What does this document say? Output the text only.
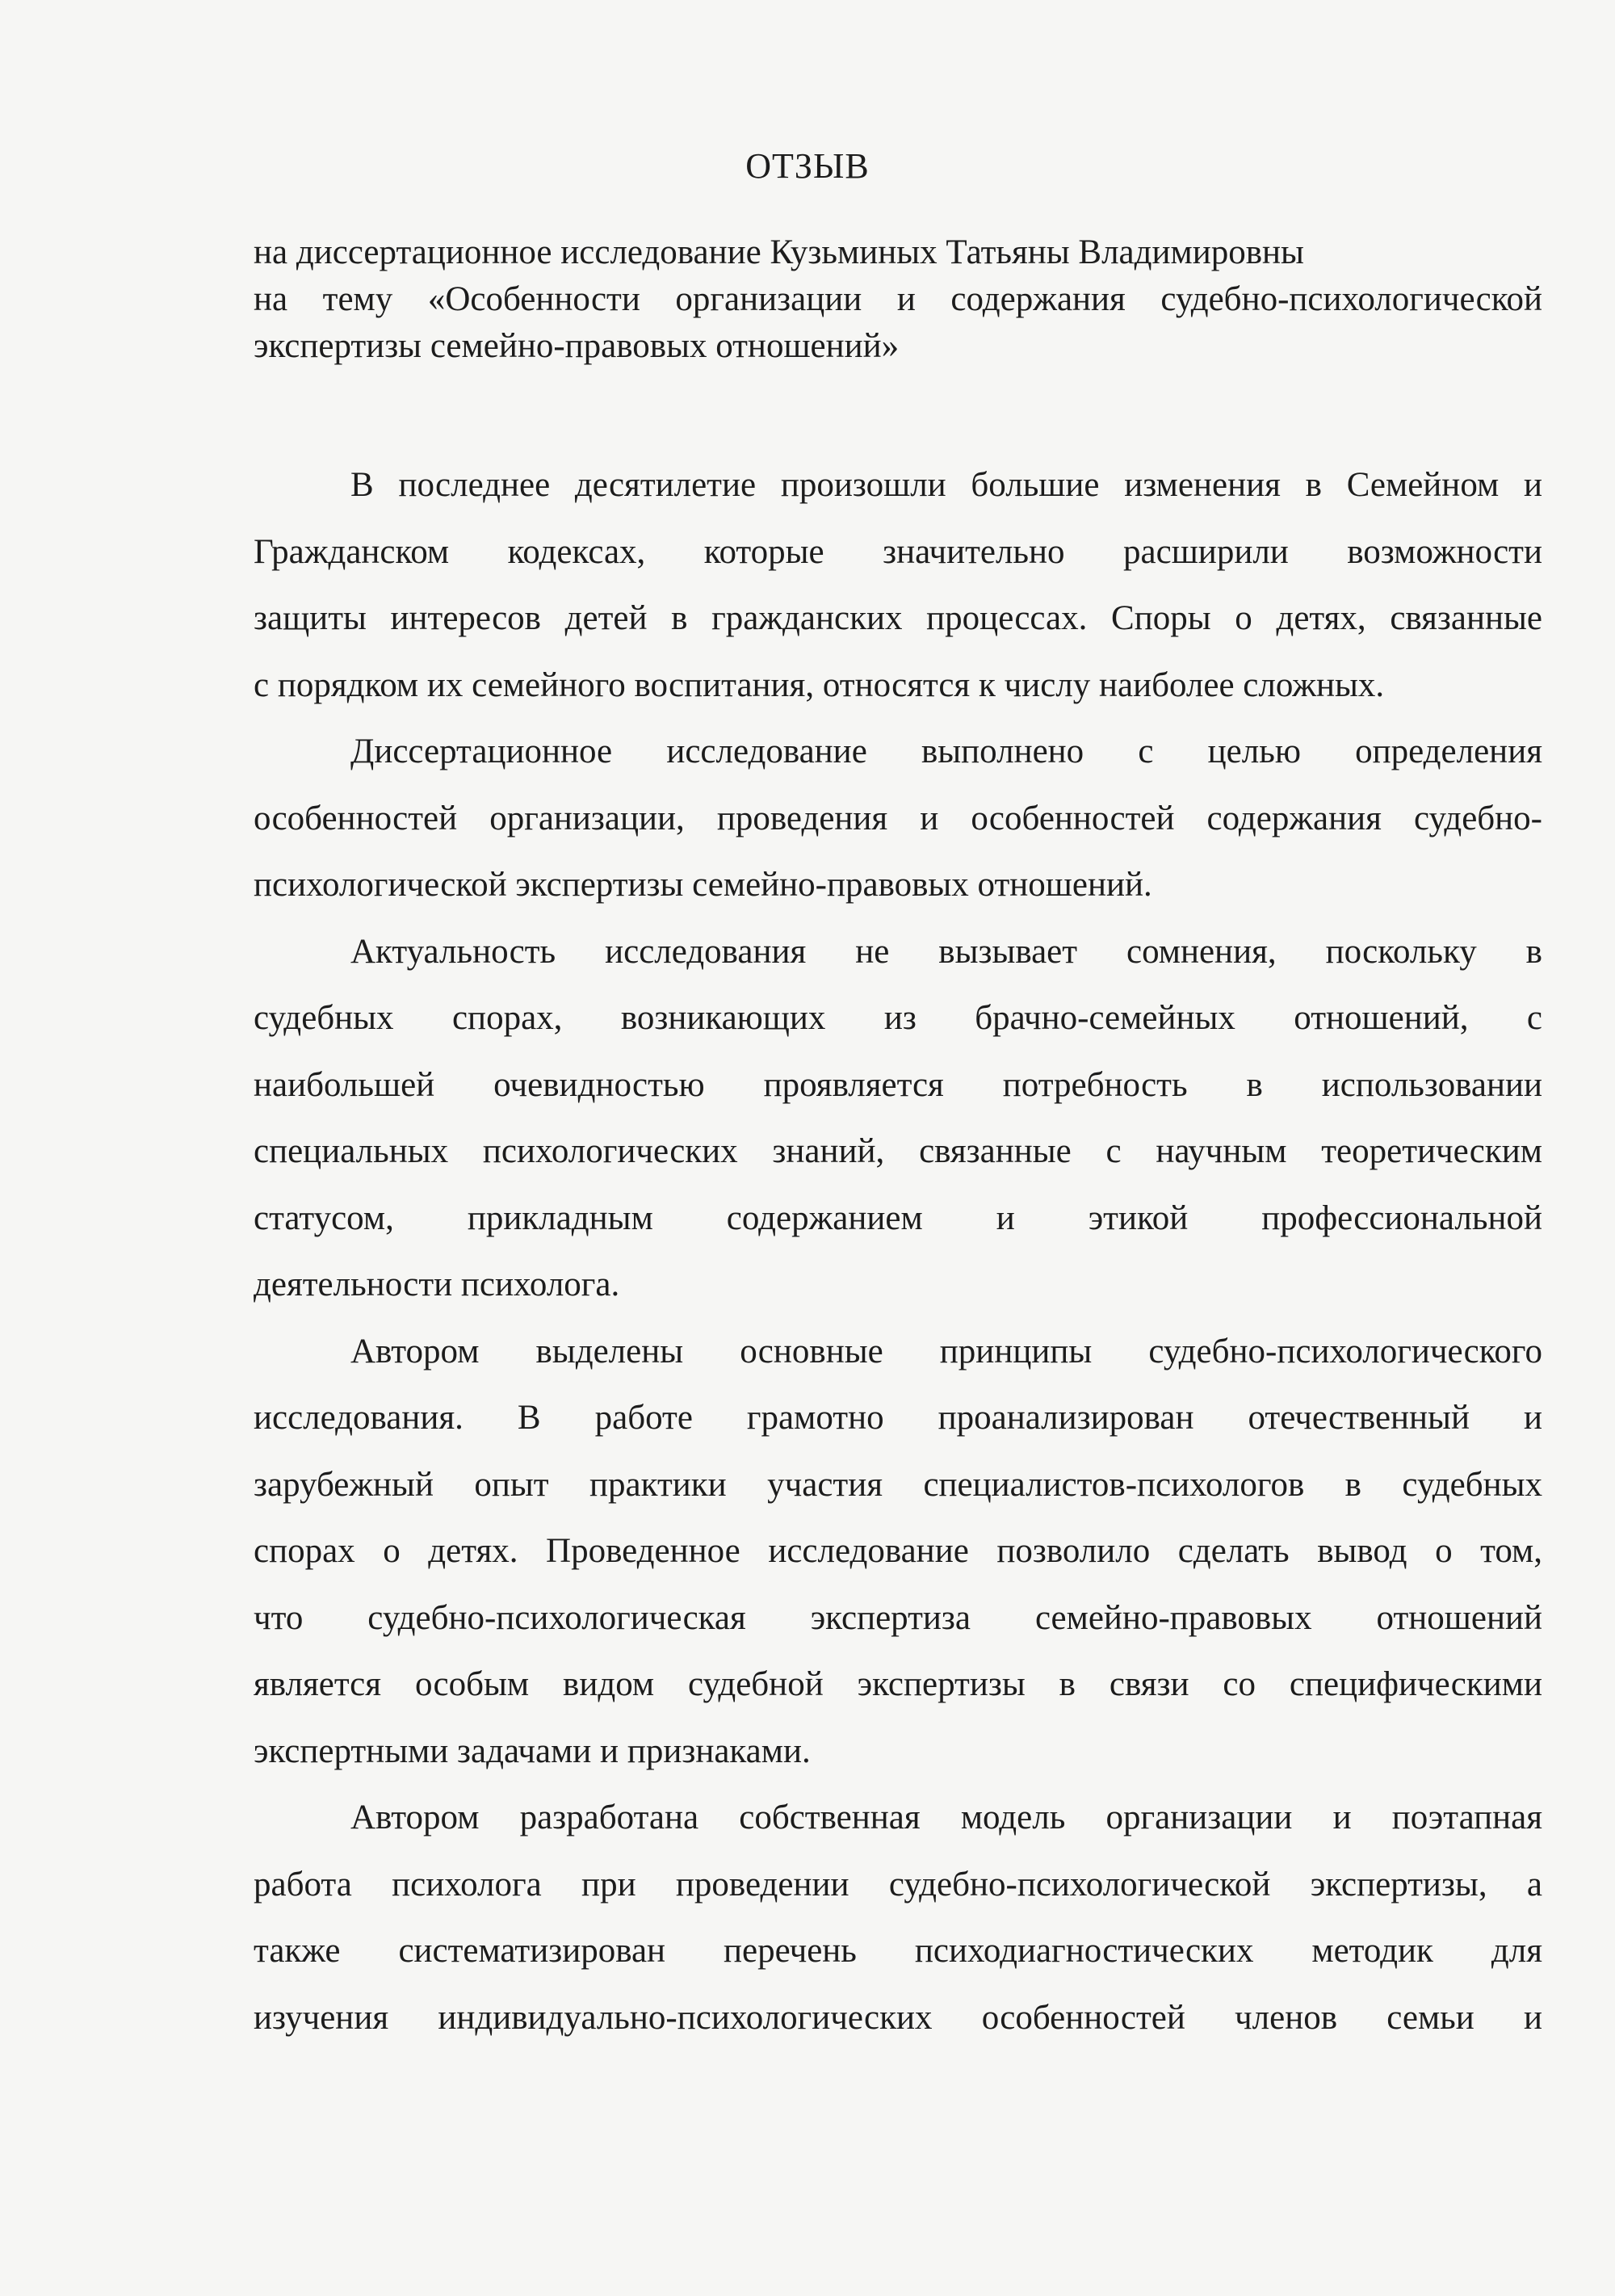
ОТЗЫВ
на диссертационное исследование Кузьминых Татьяны Владимировны
на тему «Особенности организации и содержания судебно-психологической
экспертизы семейно-правовых отношений»

В последнее десятилетие произошли большие изменения в Семейном и
Гражданском кодексах, которые значительно расширили возможности
защиты интересов детей в гражданских процессах. Споры о детях, связанные
с порядком их семейного воспитания, относятся к числу наиболее сложных.

Диссертационное исследование выполнено с целью определения
особенностей организации, проведения и особенностей содержания судебно-
психологической экспертизы семейно-правовых отношений.

Актуальность исследования не вызывает сомнения, поскольку в
судебных спорах, возникающих из брачно-семейных отношений, с
наибольшей очевидностью проявляется потребность в использовании
специальных психологических знаний, связанные с научным теоретическим
статусом, прикладным содержанием и этикой профессиональной
деятельности психолога.

Автором выделены основные принципы судебно-психологического
исследования. В работе грамотно проанализирован отечественный и
зарубежный опыт практики участия специалистов-психологов в судебных
спорах о детях. Проведенное исследование позволило сделать вывод о том,
что судебно-психологическая экспертиза семейно-правовых отношений
является особым видом судебной экспертизы в связи со специфическими
экспертными задачами и признаками.

Автором разработана собственная модель организации и поэтапная
работа психолога при проведении судебно-психологической экспертизы, а
также систематизирован перечень психодиагностических методик для
изучения индивидуально-психологических особенностей членов семьи и
